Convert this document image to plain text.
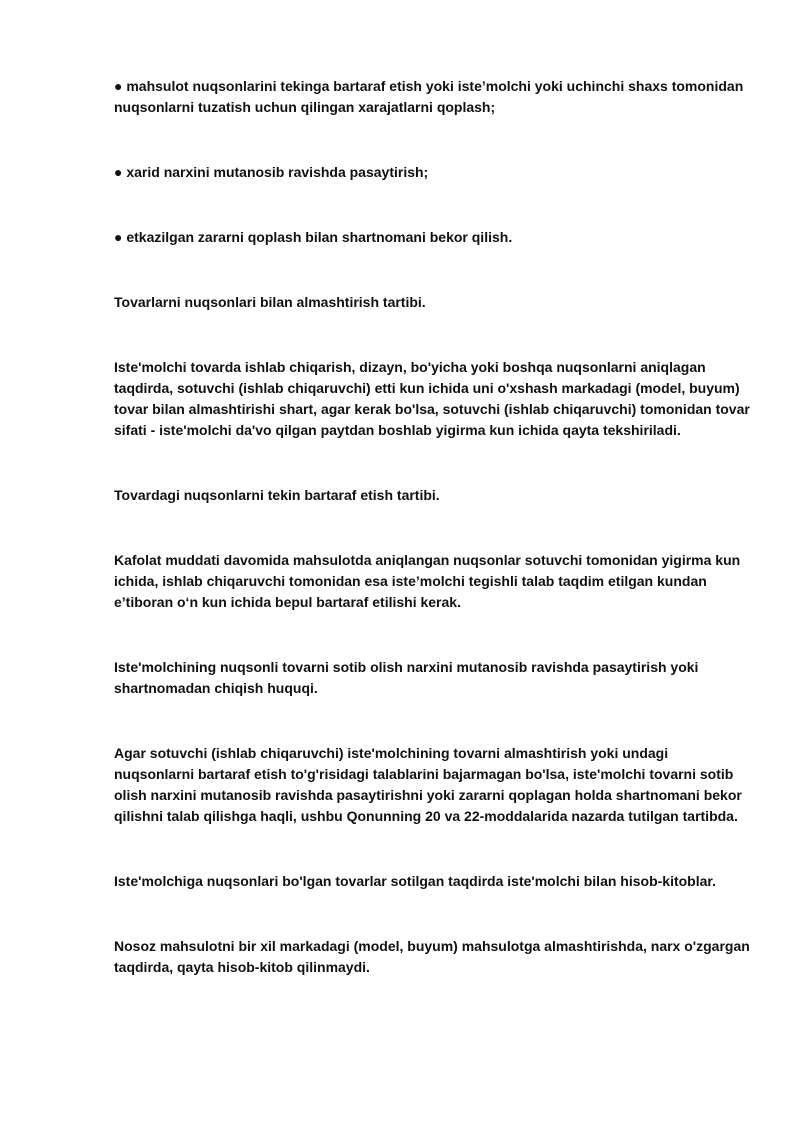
● mahsulot nuqsonlarini tekinga bartaraf etish yoki iste’molchi yoki uchinchi shaxs tomonidan nuqsonlarni tuzatish uchun qilingan xarajatlarni qoplash;

● xarid narxini mutanosib ravishda pasaytirish;

● etkazilgan zararni qoplash bilan shartnomani bekor qilish.

Tovarlarni nuqsonlari bilan almashtirish tartibi.

Iste'molchi tovarda ishlab chiqarish, dizayn, bo'yicha yoki boshqa nuqsonlarni aniqlagan taqdirda, sotuvchi (ishlab chiqaruvchi) etti kun ichida uni o'xshash markadagi (model, buyum) tovar bilan almashtirishi shart, agar kerak bo'lsa, sotuvchi (ishlab chiqaruvchi) tomonidan tovar sifati - iste'molchi da'vo qilgan paytdan boshlab yigirma kun ichida qayta tekshiriladi.

Tovardagi nuqsonlarni tekin bartaraf etish tartibi.

Kafolat muddati davomida mahsulotda aniqlangan nuqsonlar sotuvchi tomonidan yigirma kun ichida, ishlab chiqaruvchi tomonidan esa iste’molchi tegishli talab taqdim etilgan kundan e’tiboran o‘n kun ichida bepul bartaraf etilishi kerak.

Iste'molchining nuqsonli tovarni sotib olish narxini mutanosib ravishda pasaytirish yoki shartnomadan chiqish huquqi.

Agar sotuvchi (ishlab chiqaruvchi) iste'molchining tovarni almashtirish yoki undagi nuqsonlarni bartaraf etish to'g'risidagi talablarini bajarmagan bo'lsa, iste'molchi tovarni sotib olish narxini mutanosib ravishda pasaytirishni yoki zararni qoplagan holda shartnomani bekor qilishni talab qilishga haqli, ushbu Qonunning 20 va 22-moddalarida nazarda tutilgan tartibda.

Iste'molchiga nuqsonlari bo'lgan tovarlar sotilgan taqdirda iste'molchi bilan hisob-kitoblar.

Nosoz mahsulotni bir xil markadagi (model, buyum) mahsulotga almashtirishda, narx o'zgargan taqdirda, qayta hisob-kitob qilinmaydi.
